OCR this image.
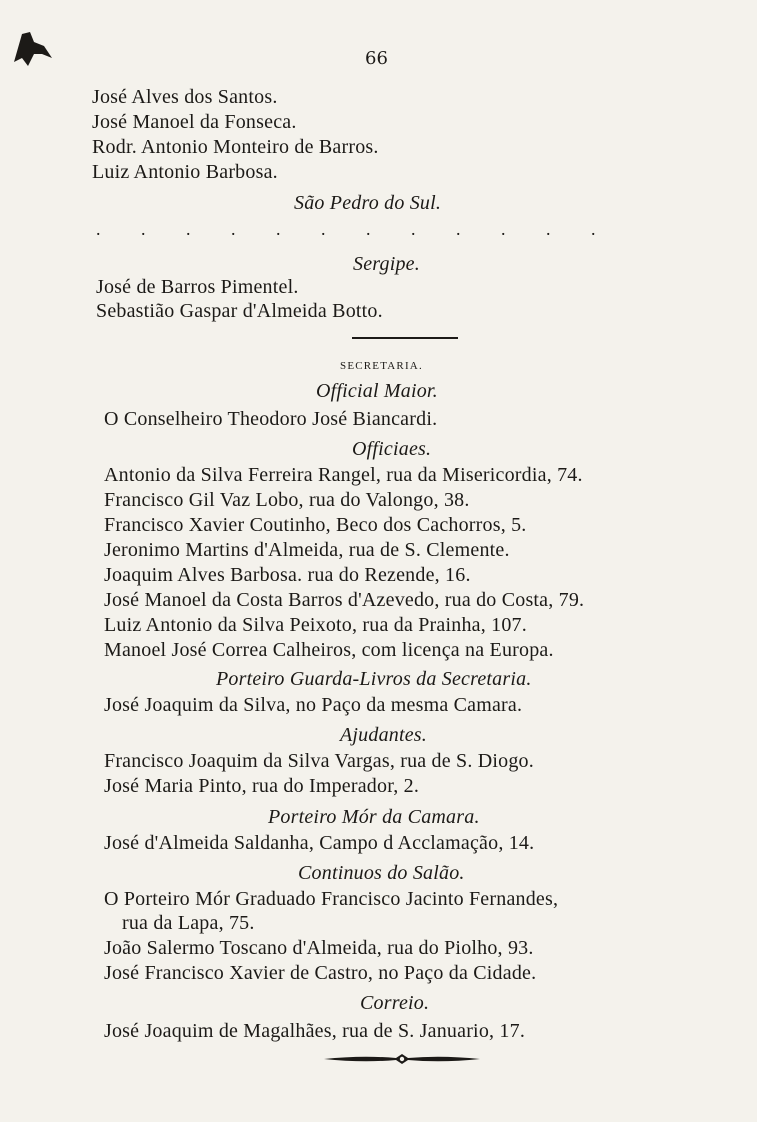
66
José Alves dos Santos.
José Manoel da Fonseca.
Rodr. Antonio Monteiro de Barros.
Luiz Antonio Barbosa.
São Pedro do Sul.
. . . . . . . . . . . .
Sergipe.
José de Barros Pimentel.
Sebastião Gaspar d'Almeida Botto.
SECRETARIA.
Official Maior.
O Conselheiro Theodoro José Biancardi.
Officiaes.
Antonio da Silva Ferreira Rangel, rua da Misericordia, 74.
Francisco Gil Vaz Lobo, rua do Valongo, 38.
Francisco Xavier Coutinho, Beco dos Cachorros, 5.
Jeronimo Martins d'Almeida, rua de S. Clemente.
Joaquim Alves Barbosa. rua do Rezende, 16.
José Manoel da Costa Barros d'Azevedo, rua do Costa, 79.
Luiz Antonio da Silva Peixoto, rua da Prainha, 107.
Manoel José Correa Calheiros, com licença na Europa.
Porteiro Guarda-Livros da Secretaria.
José Joaquim da Silva, no Paço da mesma Camara.
Ajudantes.
Francisco Joaquim da Silva Vargas, rua de S. Diogo.
José Maria Pinto, rua do Imperador, 2.
Porteiro Mór da Camara.
José d'Almeida Saldanha, Campo d Acclamação, 14.
Continuos do Salão.
O Porteiro Mór Graduado Francisco Jacinto Fernandes,
rua da Lapa, 75.
João Salermo Toscano d'Almeida, rua do Piolho, 93.
José Francisco Xavier de Castro, no Paço da Cidade.
Correio.
José Joaquim de Magalhães, rua de S. Januario, 17.
